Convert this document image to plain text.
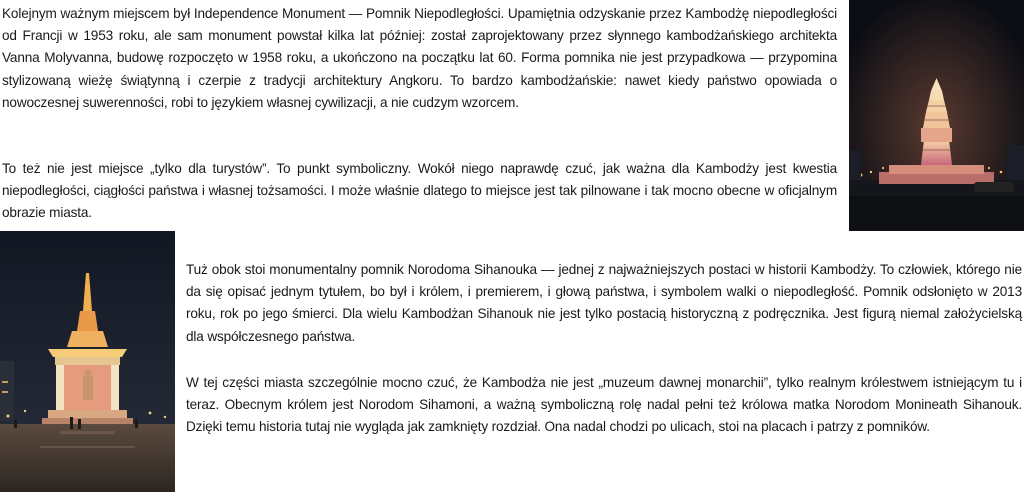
Kolejnym ważnym miejscem był Independence Monument — Pomnik Niepodległości. Upamiętnia odzyskanie przez Kambodżę niepodległości od Francji w 1953 roku, ale sam monument powstał kilka lat później: został zaprojektowany przez słynnego kambodżańskiego architekta Vanna Molyvanna, budowę rozpoczęto w 1958 roku, a ukończono na początku lat 60. Forma pomnika nie jest przypadkowa — przypomina stylizowaną wieżę świątynną i czerpie z tradycji architektury Angkoru. To bardzo kambodżańskie: nawet kiedy państwo opowiada o nowoczesnej suwerenności, robi to językiem własnej cywilizacji, a nie cudzym wzorcem.

To też nie jest miejsce „tylko dla turystów”. To punkt symboliczny. Wokół niego naprawdę czuć, jak ważna dla Kambodży jest kwestia niepodległości, ciągłości państwa i własnej tożsamości. I może właśnie dlatego to miejsce jest tak pilnowane i tak mocno obecne w oficjalnym obrazie miasta.

Tuż obok stoi monumentalny pomnik Norodoma Sihanouka — jednej z najważniejszych postaci w historii Kambodży. To człowiek, którego nie da się opisać jednym tytułem, bo był i królem, i premierem, i głową państwa, i symbolem walki o niepodległość. Pomnik odsłonięto w 2013 roku, rok po jego śmierci. Dla wielu Kambodżan Sihanouk nie jest tylko postacią historyczną z podręcznika. Jest figurą niemal założycielską dla współczesnego państwa.

W tej części miasta szczególnie mocno czuć, że Kambodża nie jest „muzeum dawnej monarchii”, tylko realnym królestwem istniejącym tu i teraz. Obecnym królem jest Norodom Sihamoni, a ważną symboliczną rolę nadal pełni też królowa matka Norodom Monineath Sihanouk. Dzięki temu historia tutaj nie wygląda jak zamknięty rozdział. Ona nadal chodzi po ulicach, stoi na placach i patrzy z pomników.
